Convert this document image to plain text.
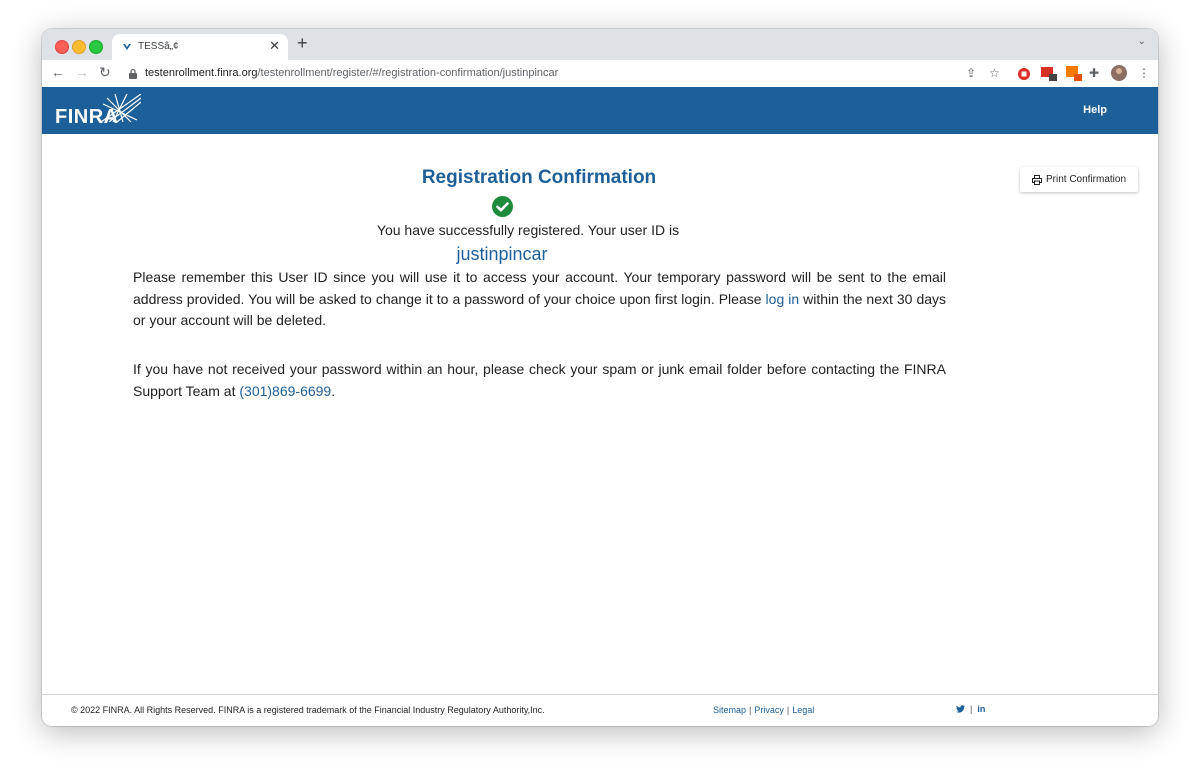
TESSâ„¢	✕ +	⌄
← → ↻	testenrollment.finra.org/testenrollment/register/#/registration-confirmation/justinpincar	⇪ ☆	✚	⋮
FINRA	Help
Print Confirmation
Registration Confirmation
You have successfully registered. Your user ID is
justinpincar
Please remember this User ID since you will use it to access your account. Your temporary password will be sent to the email address provided. You will be asked to change it to a password of your choice upon first login. Please log in within the next 30 days or your account will be deleted.
If you have not received your password within an hour, please check your spam or junk email folder before contacting the FINRA Support Team at (301)869-6699.
© 2022 FINRA. All Rights Reserved. FINRA is a registered trademark of the Financial Industry Regulatory Authority,Inc.	Sitemap | Privacy | Legal	| in
